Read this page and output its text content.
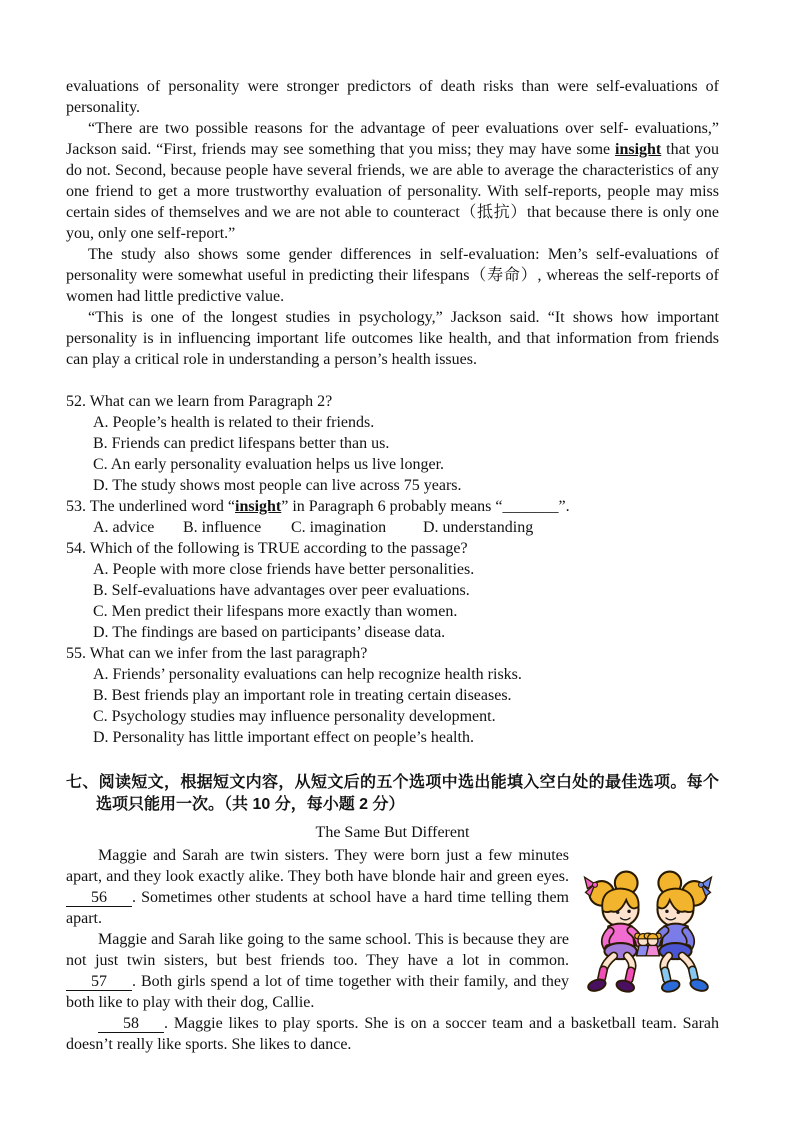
evaluations of personality were stronger predictors of death risks than were self-evaluations of personality.

“There are two possible reasons for the advantage of peer evaluations over self- evaluations,” Jackson said. “First, friends may see something that you miss; they may have some insight that you do not. Second, because people have several friends, we are able to average the characteristics of any one friend to get a more trustworthy evaluation of personality. With self-reports, people may miss certain sides of themselves and we are not able to counteract（抵抗）that because there is only one you, only one self-report.”

The study also shows some gender differences in self-evaluation: Men’s self-evaluations of personality were somewhat useful in predicting their lifespans（寿命）, whereas the self-reports of women had little predictive value.

“This is one of the longest studies in psychology,” Jackson said. “It shows how important personality is in influencing important life outcomes like health, and that information from friends can play a critical role in understanding a person’s health issues.

52. What can we learn from Paragraph 2?
A. People’s health is related to their friends.
B. Friends can predict lifespans better than us.
C. An early personality evaluation helps us live longer.
D. The study shows most people can live across 75 years.
53. The underlined word “insight” in Paragraph 6 probably means “_______”.
A. advice B. influence C. imagination D. understanding
54. Which of the following is TRUE according to the passage?
A. People with more close friends have better personalities.
B. Self-evaluations have advantages over peer evaluations.
C. Men predict their lifespans more exactly than women.
D. The findings are based on participants’ disease data.
55. What can we infer from the last paragraph?
A. Friends’ personality evaluations can help recognize health risks.
B. Best friends play an important role in treating certain diseases.
C. Psychology studies may influence personality development.
D. Personality has little important effect on people’s health.
七、阅读短文，根据短文内容，从短文后的五个选项中选出能填入空白处的最佳选项。每个选项只能用一次。（共 10 分，每小题 2 分）
The Same But Different

Maggie and Sarah are twin sisters. They were born just a few minutes apart, and they look exactly alike. They both have blonde hair and green eyes. 56 . Sometimes other students at school have a hard time telling them apart.

Maggie and Sarah like going to the same school. This is because they are not just twin sisters, but best friends too. They have a lot in common. 57 . Both girls spend a lot of time together with their family, and they both like to play with their dog, Callie.

58 . Maggie likes to play sports. She is on a soccer team and a basketball team. Sarah doesn’t really like sports. She likes to dance.
